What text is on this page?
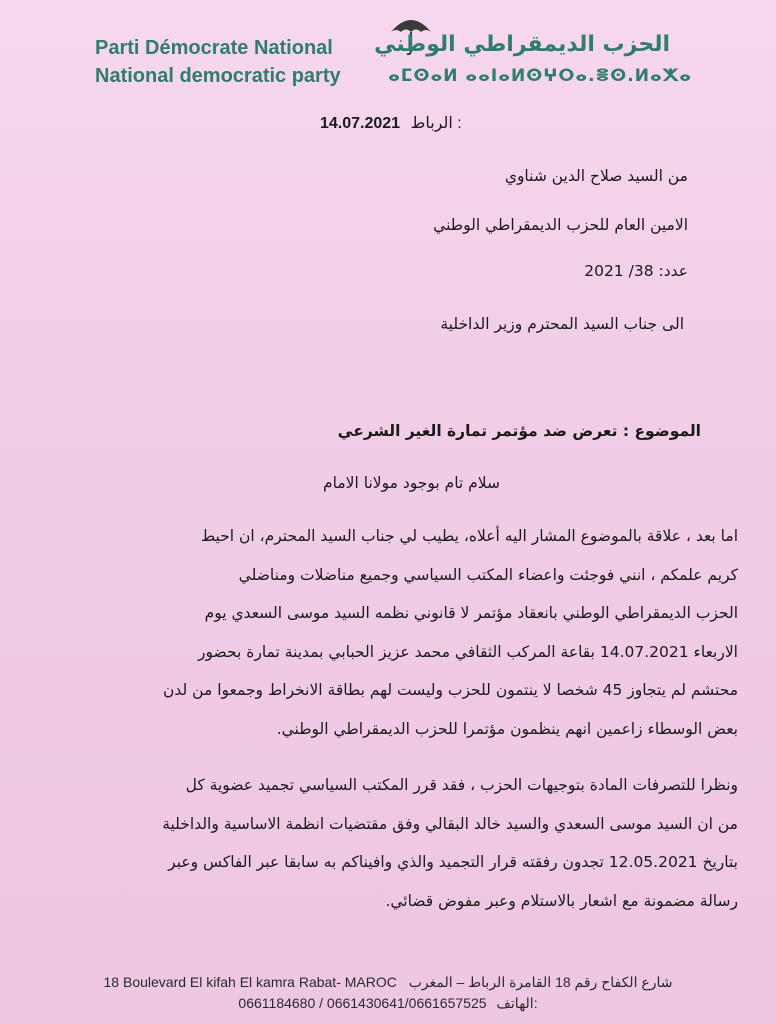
Parti Démocrate National
National democratic party
الحزب الديمقراطي الوطني
ⴰⵎⵙⴰⵍ ⴰⴰⵏⴰⵍⵙⵖⵔⴰ.ⴻⵙ.ⵍⴰⵅⴰ
14.07.2021 الرباط :
من السيد صلاح الدين شناوي
الامين العام للحزب الديمقراطي الوطني
عدد: 38/ 2021
الى جناب السيد المحترم وزير الداخلية
الموضوع : تعرض ضد مؤتمر تمارة الغير الشرعي
سلام تام بوجود مولانا الامام
اما بعد ، علاقة بالموضوع المشار اليه أعلاه، يطيب لي جناب السيد المحترم، ان احيط
كريم علمكم ، انني فوجئت واعضاء المكتب السياسي وجميع مناضلات ومناضلي
الحزب الديمقراطي الوطني بانعقاد مؤتمر لا قانوني نظمه السيد موسى السعدي يوم
الاربعاء 14.07.2021 بقاعة المركب الثقافي محمد عزيز الحبابي بمدينة تمارة بحضور
محتشم لم يتجاوز 45 شخصا لا ينتمون للحزب وليست لهم بطاقة الانخراط وجمعوا من لدن
بعض الوسطاء زاعمين انهم ينظمون مؤتمرا للحزب الديمقراطي الوطني.
ونظرا للتصرفات المادة بتوجيهات الحزب ، فقد قرر المكتب السياسي تجميد عضوية كل
من ان السيد موسى السعدي والسيد خالد البقالي وفق مقتضيات انظمة الاساسية والداخلية
بتاريخ 12.05.2021 تجدون رفقته قرار التجميد والذي وافيناكم به سابقا عبر الفاكس وعبر
رسالة مضمونة مع اشعار بالاستلام وعبر مفوض قضائي.
18 Boulevard El kifah El kamra Rabat- MAROC شارع الكفاح رقم 18 القامرة الرباط – المغرب
0661184680 / 0661430641/0661657525 الهاتف:
